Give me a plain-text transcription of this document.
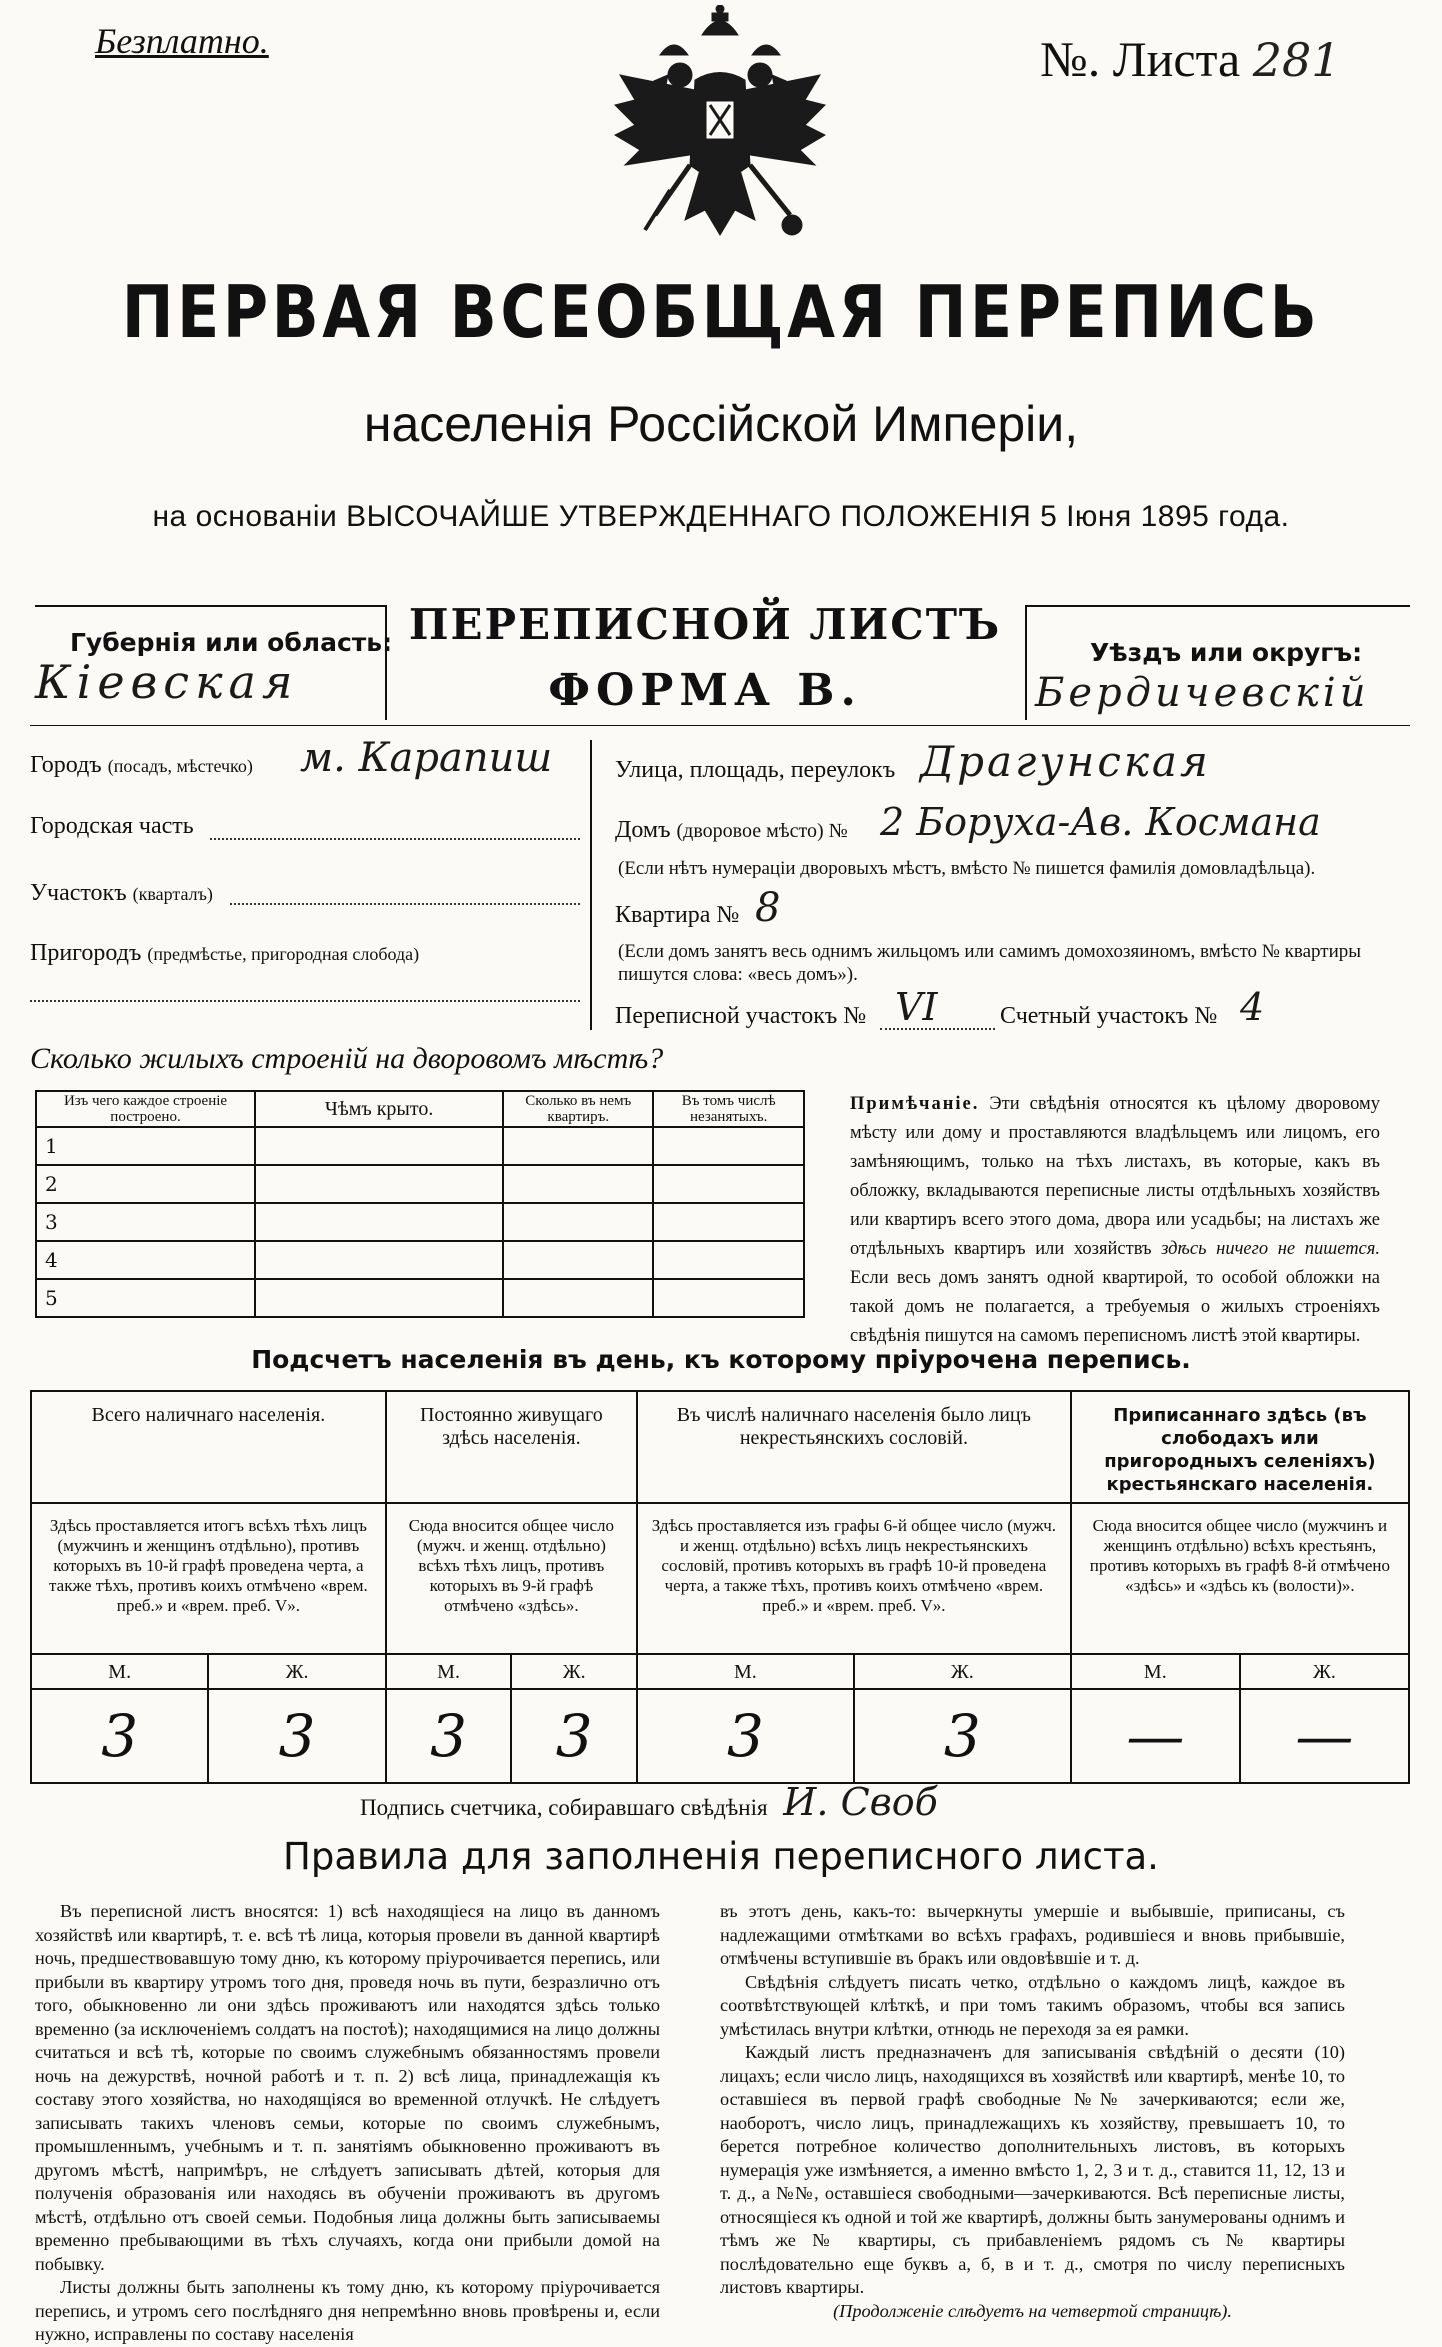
Безплатно.	№. Листа 281
ПЕРВАЯ ВСЕОБЩАЯ ПЕРЕПИСЬ
населенія Россійской Имперіи,
на основаніи ВЫСОЧАЙШЕ УТВЕРЖДЕННАГО ПОЛОЖЕНІЯ 5 Іюня 1895 года.
Губернія или область:
Кіевская
ПЕРЕПИСНОЙ ЛИСТЪ
ФОРМА В.
Уѣздъ или округъ:
Бердичевскій
Городъ (посадъ, мѣстечко) м. Карапиш
Городская часть
Участокъ (кварталъ)
Пригородъ (предмѣстье, пригородная слобода)
Улица, площадь, переулокъ Драгунская
Домъ (дворовое мѣсто) № 2 Боруха-Ав. Космана
(Если нѣтъ нумераціи дворовыхъ мѣстъ, вмѣсто № пишется фамилія домовладѣльца).
Квартира № 8
(Если домъ занятъ весь однимъ жильцомъ или самимъ домохозяиномъ, вмѣсто № квартиры пишутся слова: «весь домъ»).
Переписной участокъ № VI	Счетный участокъ № 4
Сколько жилыхъ строеній на дворовомъ мѣстѣ?
Изъ чего каждое строеніе построено.	Чѣмъ крыто.	Сколько въ немъ квартиръ.	Въ томъ числѣ незанятыхъ.
1			
2			
3			
4			
5			
Примѣчаніе. Эти свѣдѣнія относятся къ цѣлому дворовому мѣсту или дому и проставляются владѣльцемъ или лицомъ, его замѣняющимъ, только на тѣхъ листахъ, въ которые, какъ въ обложку, вкладываются переписные листы отдѣльныхъ хозяйствъ или квартиръ всего этого дома, двора или усадьбы; на листахъ же отдѣльныхъ квартиръ или хозяйствъ здѣсь ничего не пишется. Если весь домъ занятъ одной квартирой, то особой обложки на такой домъ не полагается, а требуемыя о жилыхъ строеніяхъ свѣдѣнія пишутся на самомъ переписномъ листѣ этой квартиры.
Подсчетъ населенія въ день, къ которому пріурочена перепись.
Всего наличнаго населенія.		Постоянно живущаго здѣсь населенія.		Въ числѣ наличнаго населенія было лицъ некрестьянскихъ сословій.		Приписаннаго здѣсь (въ слободахъ или пригородныхъ селеніяхъ) крестьянскаго населенія.	
Здѣсь проставляется итогъ всѣхъ тѣхъ лицъ (мужчинъ и женщинъ отдѣльно), противъ которыхъ въ 10-й графѣ проведена черта, а также тѣхъ, противъ коихъ отмѣчено «врем. преб.» и «врем. преб. V».		Сюда вносится общее число (мужч. и женщ. отдѣльно) всѣхъ тѣхъ лицъ, противъ которыхъ въ 9-й графѣ отмѣчено «здѣсь».		Здѣсь проставляется изъ графы 6-й общее число (мужч. и женщ. отдѣльно) всѣхъ лицъ некрестьянскихъ сословій, противъ которыхъ въ графѣ 10-й проведена черта, а также тѣхъ, противъ коихъ отмѣчено «врем. преб.» и «врем. преб. V».		Сюда вносится общее число (мужчинъ и женщинъ отдѣльно) всѣхъ крестьянъ, противъ которыхъ въ графѣ 8-й отмѣчено «здѣсь» и «здѣсь къ (волости)».	
М.	Ж.	М.	Ж.	М.	Ж.	М.	Ж.
3	3	3	3	3	3	—	—
Подпись счетчика, собиравшаго свѣдѣнія И. Своб
Правила для заполненія переписного листа.

Въ переписной листъ вносятся: 1) всѣ находящіеся на лицо въ данномъ хозяйствѣ или квартирѣ, т. е. всѣ тѣ лица, которыя провели въ данной квартирѣ ночь, предшествовавшую тому дню, къ которому пріурочивается перепись, или прибыли въ квартиру утромъ того дня, проведя ночь въ пути, безразлично отъ того, обыкновенно ли они здѣсь проживаютъ или находятся здѣсь только временно (за исключеніемъ солдатъ на постоѣ); находящимися на лицо должны считаться и всѣ тѣ, которые по своимъ служебнымъ обязанностямъ провели ночь на дежурствѣ, ночной работѣ и т. п. 2) всѣ лица, принадлежащія къ составу этого хозяйства, но находящіяся во временной отлучкѣ. Не слѣдуетъ записывать такихъ членовъ семьи, которые по своимъ служебнымъ, промышленнымъ, учебнымъ и т. п. занятіямъ обыкновенно проживаютъ въ другомъ мѣстѣ, напримѣръ, не слѣдуетъ записывать дѣтей, которыя для полученія образованія или находясь въ обученіи проживаютъ въ другомъ мѣстѣ, отдѣльно отъ своей семьи. Подобныя лица должны быть записываемы временно пребывающими въ тѣхъ случаяхъ, когда они прибыли домой на побывку.

Листы должны быть заполнены къ тому дню, къ которому пріурочивается перепись, и утромъ сего послѣдняго дня непремѣнно вновь провѣрены и, если нужно, исправлены по составу населенія

въ этотъ день, какъ-то: вычеркнуты умершіе и выбывшіе, приписаны, съ надлежащими отмѣтками во всѣхъ графахъ, родившіеся и вновь прибывшіе, отмѣчены вступившіе въ бракъ или овдовѣвшіе и т. д.

Свѣдѣнія слѣдуетъ писать четко, отдѣльно о каждомъ лицѣ, каждое въ соотвѣтствующей клѣткѣ, и при томъ такимъ образомъ, чтобы вся запись умѣстилась внутри клѣтки, отнюдь не переходя за ея рамки.

Каждый листъ предназначенъ для записыванія свѣдѣній о десяти (10) лицахъ; если число лицъ, находящихся въ хозяйствѣ или квартирѣ, менѣе 10, то оставшіеся въ первой графѣ свободные №№ зачеркиваются; если же, наоборотъ, число лицъ, принадлежащихъ къ хозяйству, превышаетъ 10, то берется потребное количество дополнительныхъ листовъ, въ которыхъ нумерація уже измѣняется, а именно вмѣсто 1, 2, 3 и т. д., ставится 11, 12, 13 и т. д., а №№, оставшіеся свободными—зачеркиваются. Всѣ переписные листы, относящіеся къ одной и той же квартирѣ, должны быть занумерованы однимъ и тѣмъ же № квартиры, съ прибавленіемъ рядомъ съ № квартиры послѣдовательно еще буквъ а, б, в и т. д., смотря по числу переписныхъ листовъ квартиры.

(Продолженіе слѣдуетъ на четвертой страницѣ).
